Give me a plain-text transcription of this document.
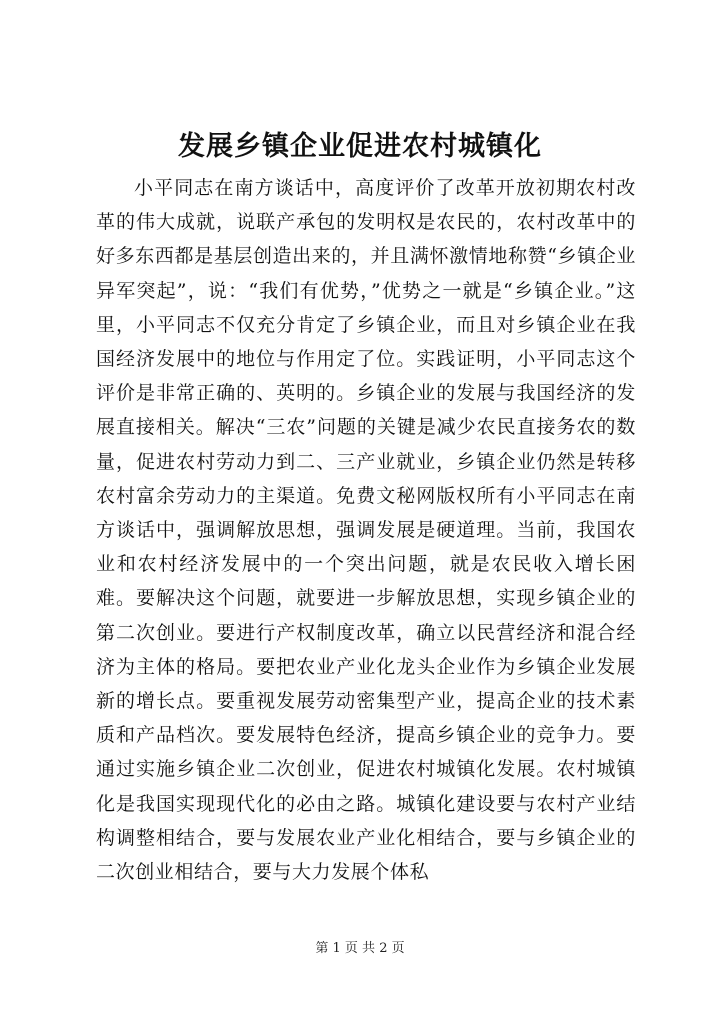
发展乡镇企业促进农村城镇化

小平同志在南方谈话中，高度评价了改革开放初期农村改革的伟大成就，说联产承包的发明权是农民的，农村改革中的好多东西都是基层创造出来的，并且满怀激情地称赞“乡镇企业异军突起”，说：“我们有优势，”优势之一就是“乡镇企业。”这里，小平同志不仅充分肯定了乡镇企业，而且对乡镇企业在我国经济发展中的地位与作用定了位。实践证明，小平同志这个评价是非常正确的、英明的。乡镇企业的发展与我国经济的发展直接相关。解决“三农”问题的关键是减少农民直接务农的数量，促进农村劳动力到二、三产业就业，乡镇企业仍然是转移农村富余劳动力的主渠道。免费文秘网版权所有小平同志在南方谈话中，强调解放思想，强调发展是硬道理。当前，我国农业和农村经济发展中的一个突出问题，就是农民收入增长困难。要解决这个问题，就要进一步解放思想，实现乡镇企业的第二次创业。要进行产权制度改革，确立以民营经济和混合经济为主体的格局。要把农业产业化龙头企业作为乡镇企业发展新的增长点。要重视发展劳动密集型产业，提高企业的技术素质和产品档次。要发展特色经济，提高乡镇企业的竞争力。要通过实施乡镇企业二次创业，促进农村城镇化发展。农村城镇化是我国实现现代化的必由之路。城镇化建设要与农村产业结构调整相结合，要与发展农业产业化相结合，要与乡镇企业的二次创业相结合，要与大力发展个体私

第 1 页 共 2 页
